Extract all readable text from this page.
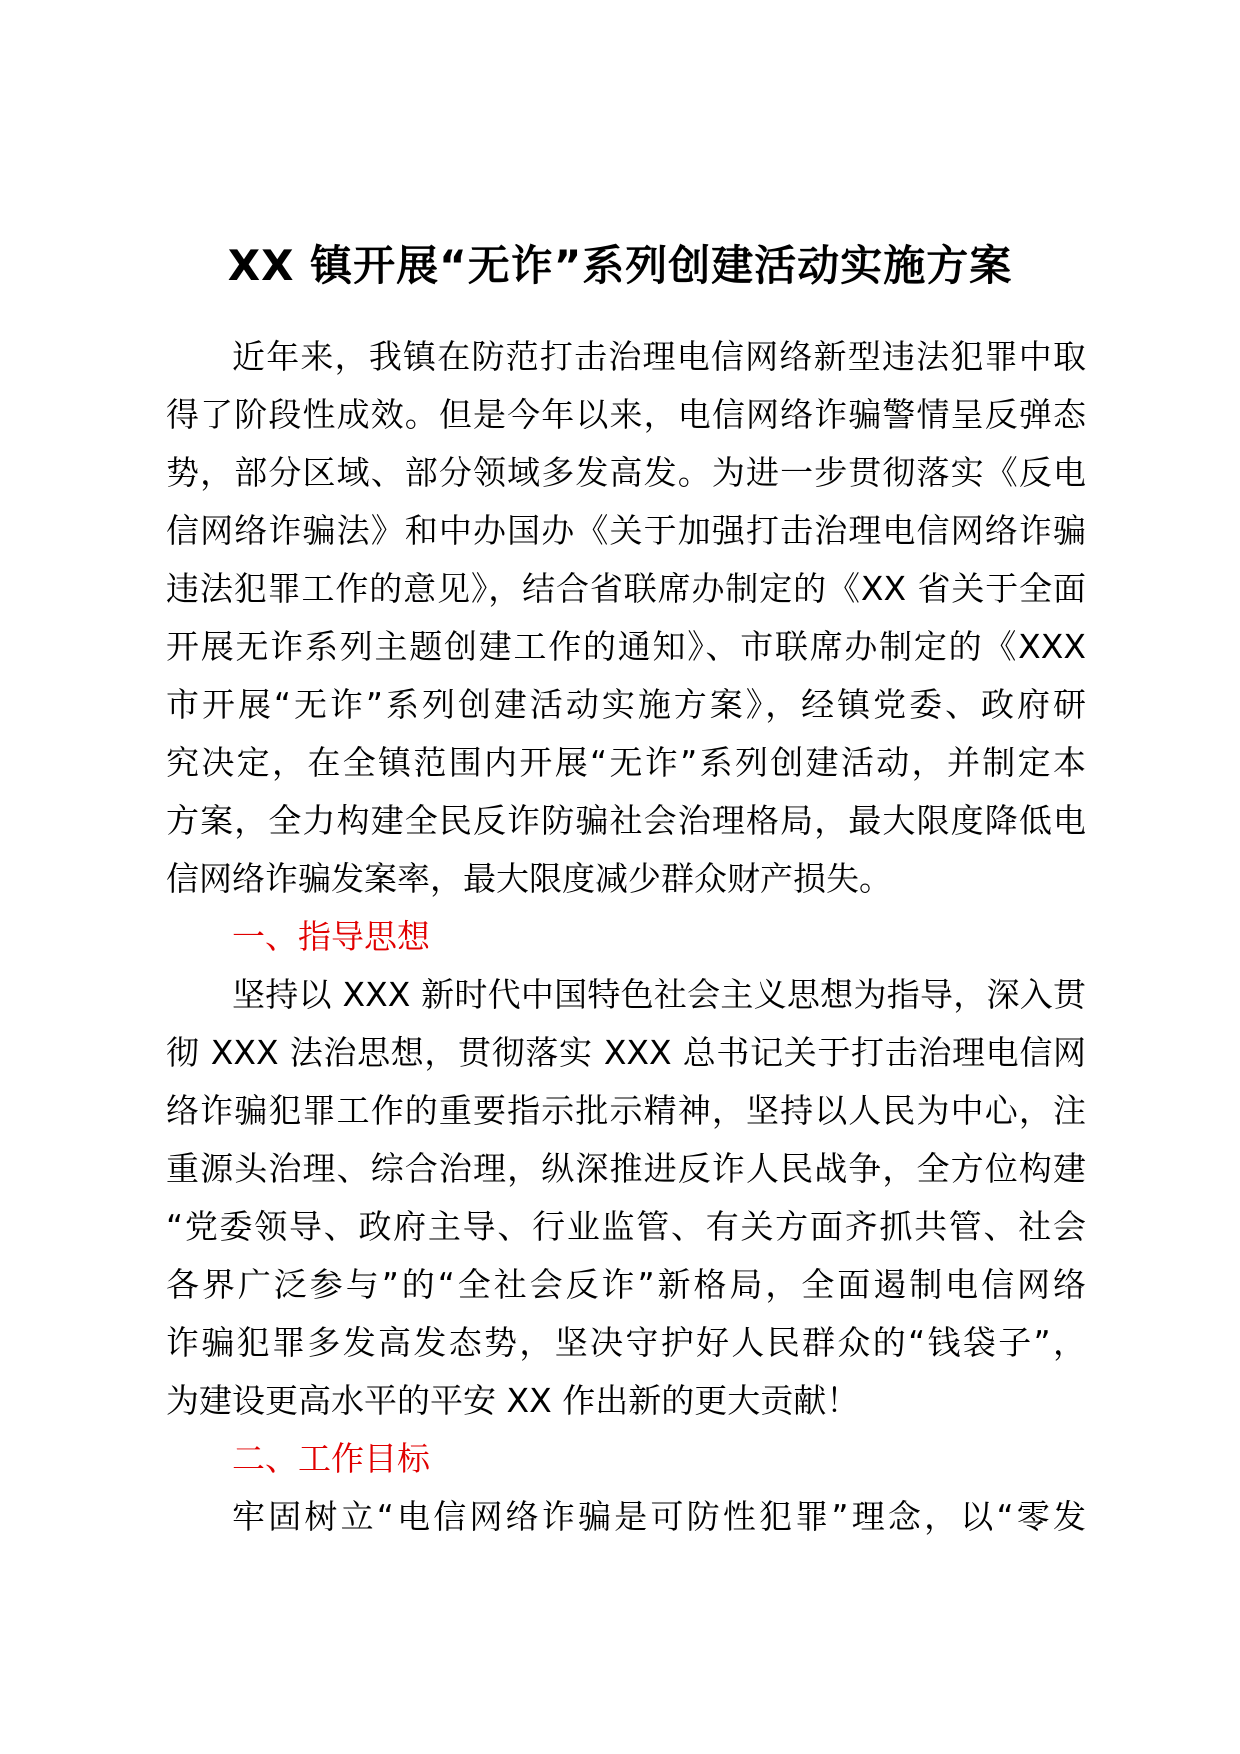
XX 镇开展“无诈”系列创建活动实施方案
近年来，我镇在防范打击治理电信网络新型违法犯罪中取
得了阶段性成效。但是今年以来，电信网络诈骗警情呈反弹态
势，部分区域、部分领域多发高发。为进一步贯彻落实《反电
信网络诈骗法》和中办国办《关于加强打击治理电信网络诈骗
违法犯罪工作的意见》，结合省联席办制定的《XX 省关于全面
开展无诈系列主题创建工作的通知》、市联席办制定的《XXX
市开展“无诈”系列创建活动实施方案》，经镇党委、政府研
究决定，在全镇范围内开展“无诈”系列创建活动，并制定本
方案，全力构建全民反诈防骗社会治理格局，最大限度降低电
信网络诈骗发案率，最大限度减少群众财产损失。
一、指导思想
坚持以 XXX 新时代中国特色社会主义思想为指导，深入贯
彻 XXX 法治思想，贯彻落实 XXX 总书记关于打击治理电信网
络诈骗犯罪工作的重要指示批示精神，坚持以人民为中心，注
重源头治理、综合治理，纵深推进反诈人民战争，全方位构建
“党委领导、政府主导、行业监管、有关方面齐抓共管、社会
各界广泛参与”的“全社会反诈”新格局，全面遏制电信网络
诈骗犯罪多发高发态势，坚决守护好人民群众的“钱袋子”，
为建设更高水平的平安 XX 作出新的更大贡献！
二、工作目标
牢固树立“电信网络诈骗是可防性犯罪”理念，以“零发
